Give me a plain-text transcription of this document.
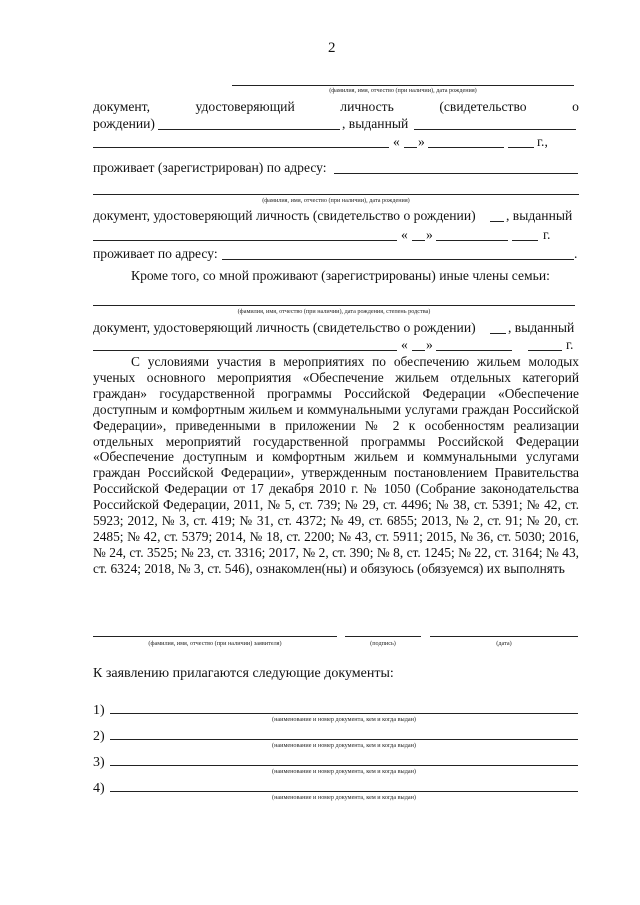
2
(фамилия, имя, отчество (при наличии), дата рождения)
документ,	удостоверяющий	личность	(свидетельство	о
рождении)	, выданный
« »	г.,
проживает (зарегистрирован) по адресу:
(фамилия, имя, отчество (при наличии), дата рождения)
документ, удостоверяющий личность (свидетельство о рождении) , выданный
« »	г.
проживает по адресу:	.
Кроме того, со мной проживают (зарегистрированы) иные члены семьи:
(фамилия, имя, отчество (при наличии), дата рождения, степень родства)
документ, удостоверяющий личность (свидетельство о рождении) , выданный
« »	г.
С условиями участия в мероприятиях по обеспечению жильем молодых ученых основного мероприятия «Обеспечение жильем отдельных категорий граждан» государственной программы Российской Федерации «Обеспечение доступным и комфортным жильем и коммунальными услугами граждан Российской Федерации», приведенными в приложении № 2 к особенностям реализации отдельных мероприятий государственной программы Российской Федерации «Обеспечение доступным и комфортным жильем и коммунальными услугами граждан Российской Федерации», утвержденным постановлением Правительства Российской Федерации от 17 декабря 2010 г. № 1050 (Собрание законодательства Российской Федерации, 2011, № 5, ст. 739; № 29, ст. 4496; № 38, ст. 5391; № 42, ст. 5923; 2012, № 3, ст. 419; № 31, ст. 4372; № 49, ст. 6855; 2013, № 2, ст. 91; № 20, ст. 2485; № 42, ст. 5379; 2014, № 18, ст. 2200; № 43, ст. 5911; 2015, № 36, ст. 5030; 2016, № 24, ст. 3525; № 23, ст. 3316; 2017, № 2, ст. 390; № 8, ст. 1245; № 22, ст. 3164; № 43, ст. 6324; 2018, № 3, ст. 546), ознакомлен(ны) и обязуюсь (обязуемся) их выполнять
(фамилия, имя, отчество (при наличии) заявителя)	(подпись)	(дата)
К заявлению прилагаются следующие документы:
1)
(наименование и номер документа, кем и когда выдан)
2)
(наименование и номер документа, кем и когда выдан)
3)
(наименование и номер документа, кем и когда выдан)
4)
(наименование и номер документа, кем и когда выдан)
